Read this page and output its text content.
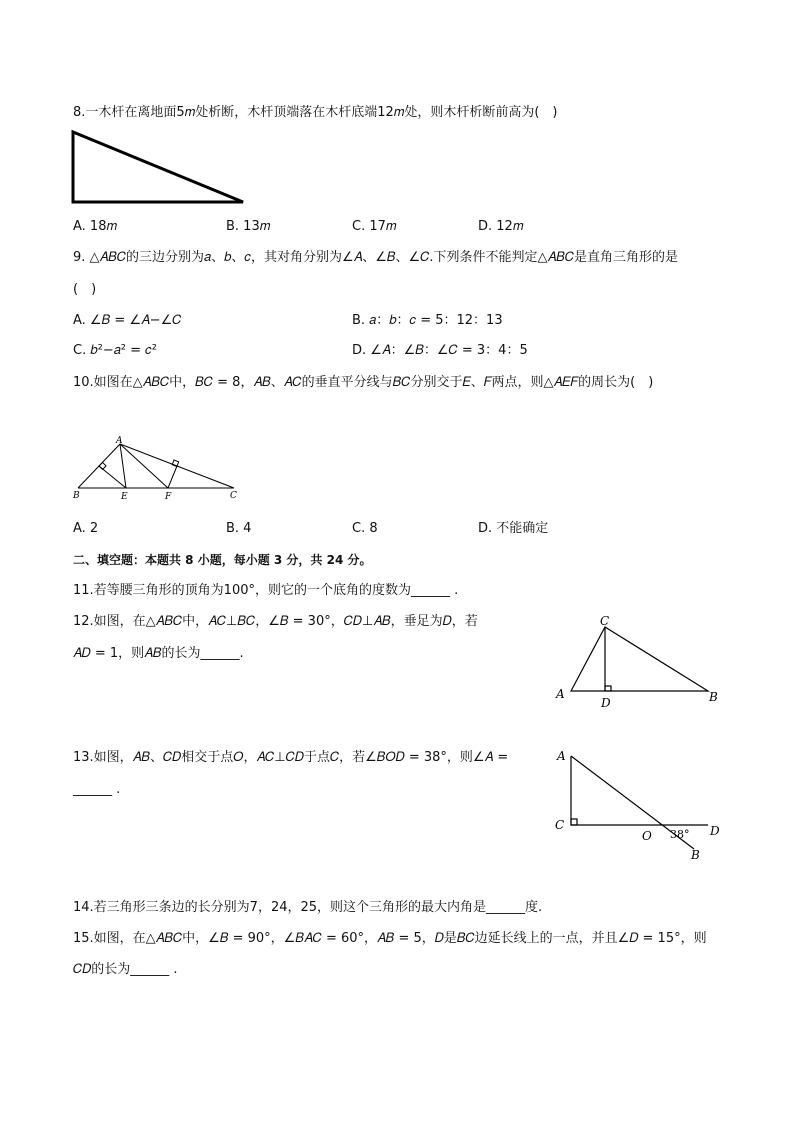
8.一木杆在离地面5𝑚处析断，木杆顶端落在木杆底端12𝑚处，则木杆析断前高为(　)
A. 18𝑚	B. 13𝑚	C. 17𝑚	D. 12𝑚
9. △𝐴𝐵𝐶的三边分别为𝑎、𝑏、𝑐，其对角分别为∠𝐴、∠𝐵、∠𝐶.下列条件不能判定△𝐴𝐵𝐶是直角三角形的是
(　)
A. ∠𝐵 = ∠𝐴−∠𝐶	B. 𝑎：𝑏：𝑐 = 5：12：13
C. 𝑏²−𝑎² = 𝑐²	D. ∠𝐴：∠𝐵：∠𝐶 = 3：4：5
10.如图在△𝐴𝐵𝐶中，𝐵𝐶 = 8，𝐴𝐵、𝐴𝐶的垂直平分线与𝐵𝐶分别交于𝐸、𝐹两点，则△𝐴𝐸𝐹的周长为(　)
A
B	E	F	C
A. 2	B. 4	C. 8	D. 不能确定
二、填空题：本题共 8 小题，每小题 3 分，共 24 分。
11.若等腰三角形的顶角为100°，则它的一个底角的度数为______ .
12.如图，在△𝐴𝐵𝐶中，𝐴𝐶⊥𝐵𝐶，∠𝐵 = 30°，𝐶𝐷⊥𝐴𝐵，垂足为𝐷，若
𝐴𝐷 = 1，则𝐴𝐵的长为______.
C
A
D	B
13.如图，𝐴𝐵、𝐶𝐷相交于点𝑂，𝐴𝐶⊥𝐶𝐷于点𝐶，若∠𝐵𝑂𝐷 = 38°，则∠𝐴 =
______ .
A
C
O	D
B
38°
14.若三角形三条边的长分别为7，24，25，则这个三角形的最大内角是______度.
15.如图，在△𝐴𝐵𝐶中，∠𝐵 = 90°，∠𝐵𝐴𝐶 = 60°，𝐴𝐵 = 5，𝐷是𝐵𝐶边延长线上的一点，并且∠𝐷 = 15°，则
𝐶𝐷的长为______ .
